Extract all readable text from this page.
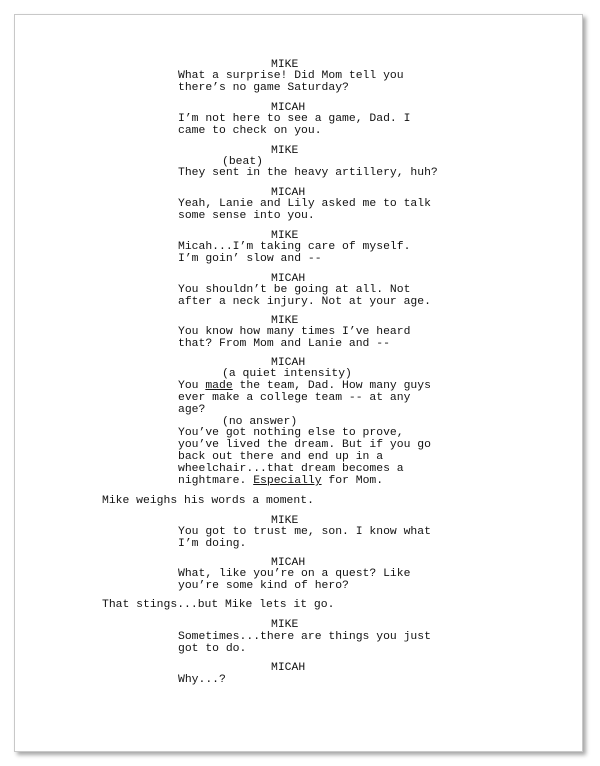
MIKE
What a surprise! Did Mom tell you
there’s no game Saturday?
MICAH
I’m not here to see a game, Dad. I
came to check on you.
MIKE
(beat)
They sent in the heavy artillery, huh?
MICAH
Yeah, Lanie and Lily asked me to talk
some sense into you.
MIKE
Micah...I’m taking care of myself.
I’m goin’ slow and --
MICAH
You shouldn’t be going at all. Not
after a neck injury. Not at your age.
MIKE
You know how many times I’ve heard
that? From Mom and Lanie and --
MICAH
(a quiet intensity)
You made the team, Dad. How many guys
ever make a college team -- at any
age?
(no answer)
You’ve got nothing else to prove,
you’ve lived the dream. But if you go
back out there and end up in a
wheelchair...that dream becomes a
nightmare. Especially for Mom.
Mike weighs his words a moment.
MIKE
You got to trust me, son. I know what
I’m doing.
MICAH
What, like you’re on a quest? Like
you’re some kind of hero?
That stings...but Mike lets it go.
MIKE
Sometimes...there are things you just
got to do.
MICAH
Why...?
